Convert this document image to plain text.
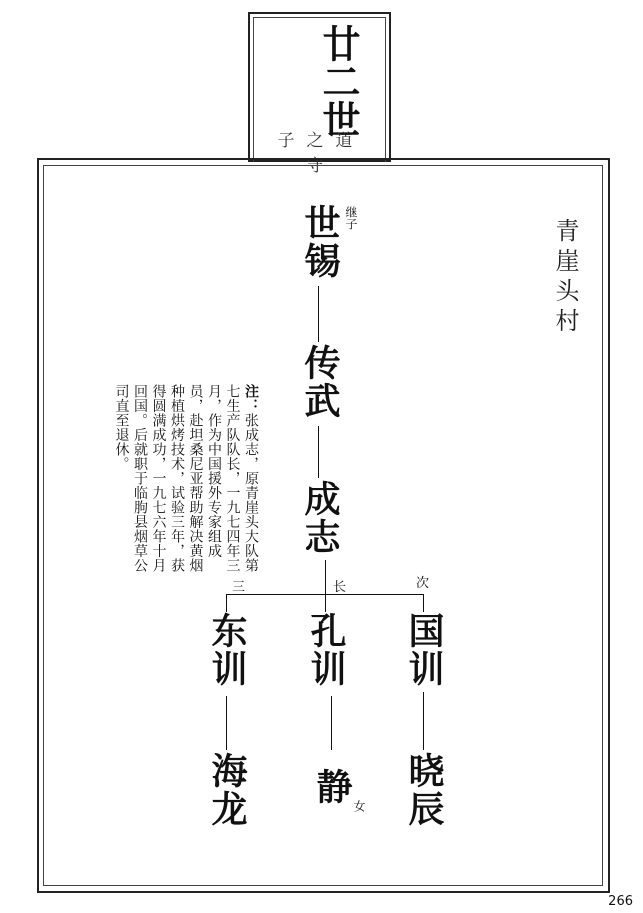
廿二世
子之道守
青崖头村
世锡 继子
传武
成志
注：张成志，原青崖头大队第七生产队队长，一九七四年三月，作为中国援外专家组成员，赴坦桑尼亚帮助解决黄烟种植烘烤技术，试验三年，获得圆满成功，一九七六年十月回国。后就职于临朐县烟草公司直至退休。
三	长	次
东训 孔训 国训
海龙 静 女 晓辰
266
